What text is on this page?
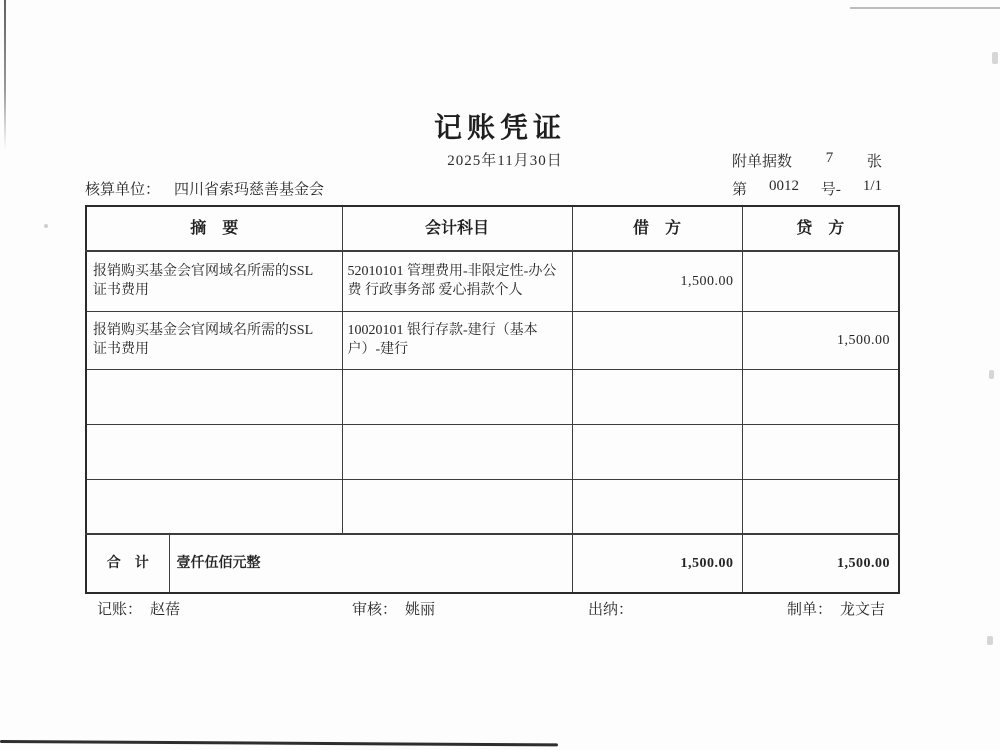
记账凭证
2025年11月30日	附单据数 7 张
第 0012 号- 1/1
核算单位： 四川省索玛慈善基金会
摘　要		会计科目	借　方	贷　方

报销购买基金会官网域名所需的SSL证书费用		52010101 管理费用-非限定性-办公费 行政事务部 爱心捐款个人	1,500.00	

报销购买基金会官网域名所需的SSL证书费用		10020101 银行存款-建行（基本户）-建行		1,500.00

合　计	壹仟伍佰元整		1,500.00	1,500.00
记账： 赵蓓	审核： 姚丽	出纳：	制单： 龙文吉
